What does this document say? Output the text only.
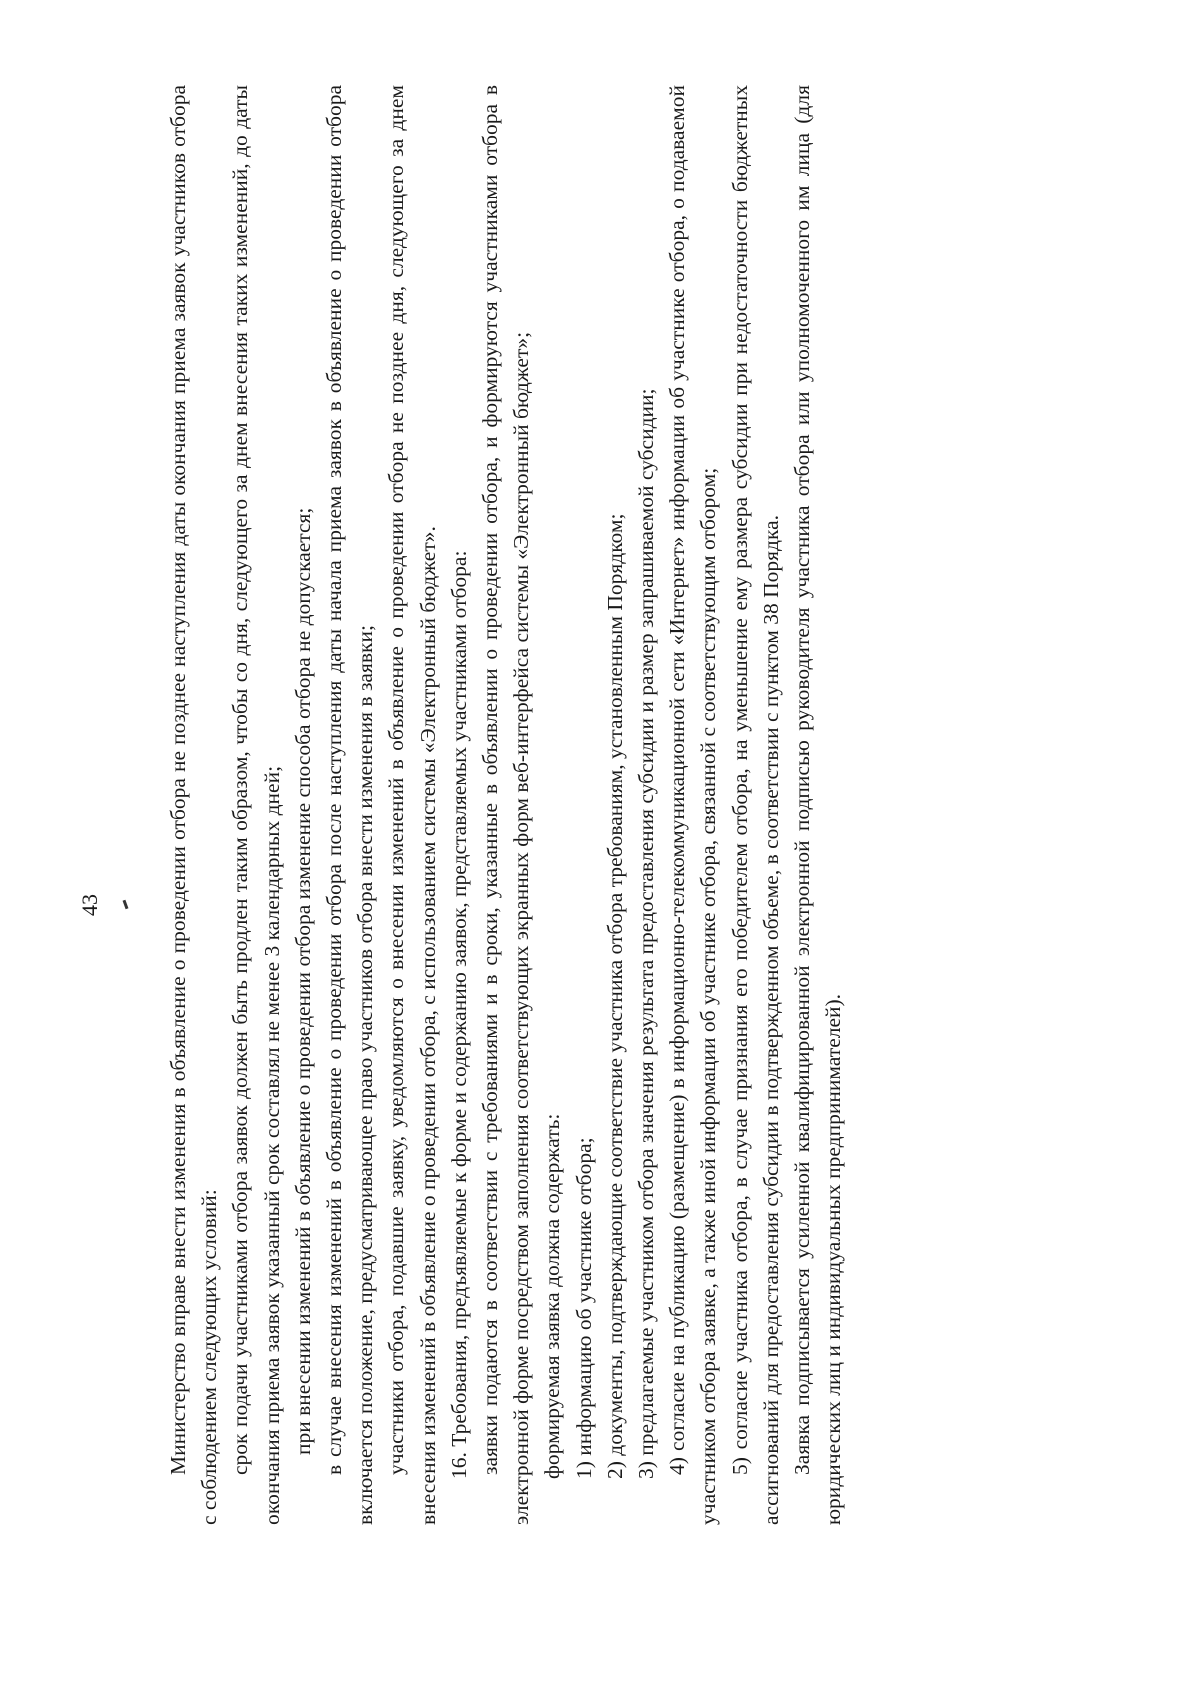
43	Министерство вправе внести изменения в объявление о проведении отбора не позднее наступления даты окончания приема заявок участников отбора с соблюдением следующих условий: срок подачи участниками отбора заявок должен быть продлен таким образом, чтобы со дня, следующего за днем внесения таких изменений, до даты окончания приема заявок указанный срок составлял не менее 3 календарных дней; при внесении изменений в объявление о проведении отбора изменение способа отбора не допускается; в случае внесения изменений в объявление о проведении отбора после наступления даты начала приема заявок в объявление о проведении отбора включается положение, предусматривающее право участников отбора внести изменения в заявки; участники отбора, подавшие заявку, уведомляются о внесении изменений в объявление о проведении отбора не позднее дня, следующего за днем внесения изменений в объявление о проведении отбора, с использованием системы «Электронный бюджет». 16. Требования, предъявляемые к форме и содержанию заявок, представляемых участниками отбора: заявки подаются в соответствии с требованиями и в сроки, указанные в объявлении о проведении отбора, и формируются участниками отбора в электронной форме посредством заполнения соответствующих экранных форм веб-интерфейса системы «Электронный бюджет»; формируемая заявка должна содержать: 1) информацию об участнике отбора; 2) документы, подтверждающие соответствие участника отбора требованиям, установленным Порядком; 3) предлагаемые участником отбора значения результата предоставления субсидии и размер запрашиваемой субсидии; 4) согласие на публикацию (размещение) в информационно-телекоммуникационной сети «Интернет» информации об участнике отбора, о подаваемой участником отбора заявке, а также иной информации об участнике отбора, связанной с соответствующим отбором; 5) согласие участника отбора, в случае признания его победителем отбора, на уменьшение ему размера субсидии при недостаточности бюджетных ассигнований для предоставления субсидии в подтвержденном объеме, в соответствии с пунктом 38 Порядка. Заявка подписывается усиленной квалифицированной электронной подписью руководителя участника отбора или уполномоченного им лица (для юридических лиц и индивидуальных предпринимателей).
